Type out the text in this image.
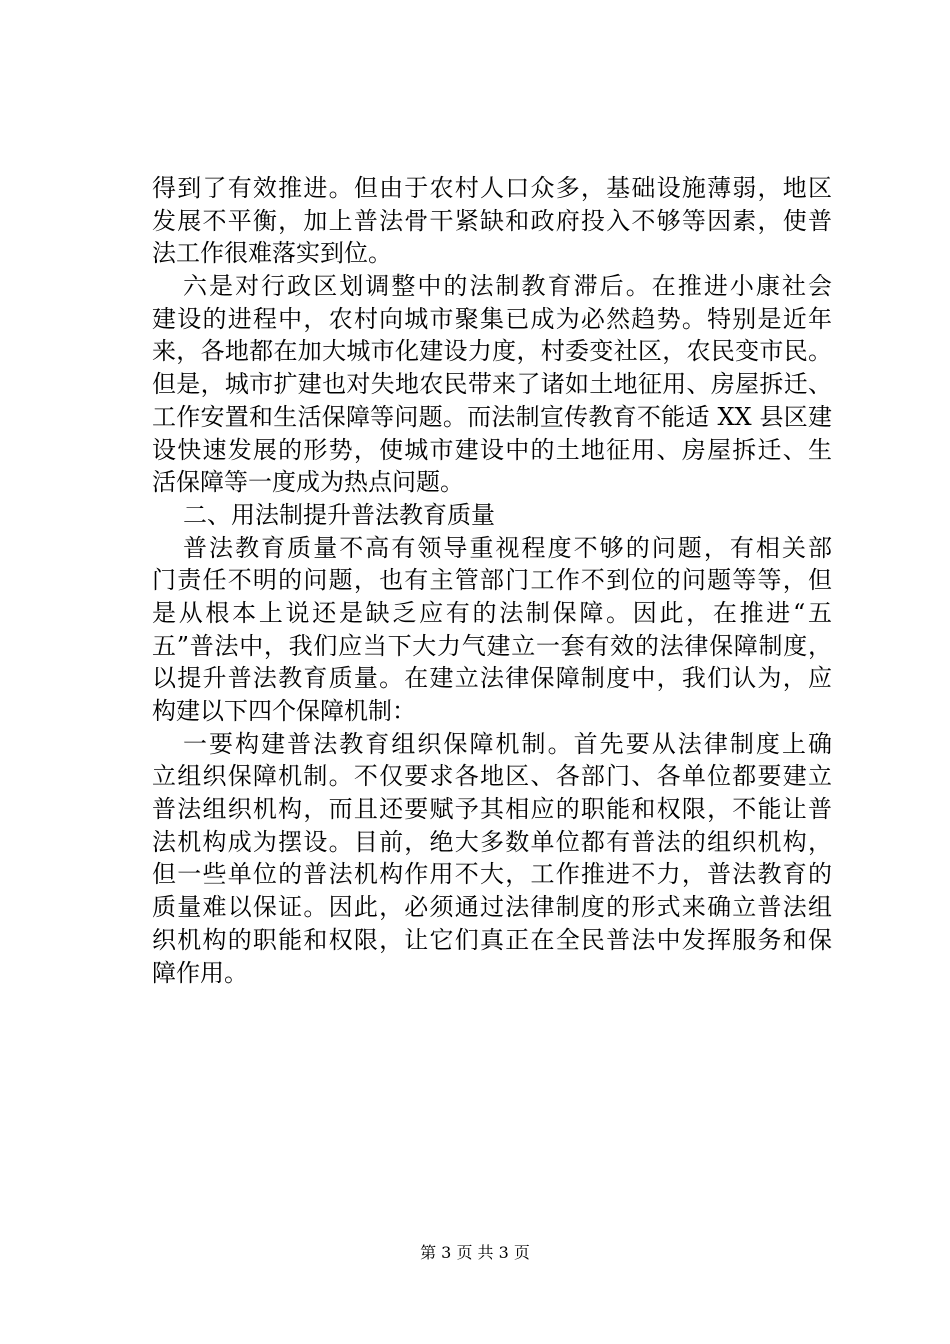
得到了有效推进。但由于农村人口众多，基础设施薄弱，地区
发展不平衡，加上普法骨干紧缺和政府投入不够等因素，使普
法工作很难落实到位。
六是对行政区划调整中的法制教育滞后。在推进小康社会
建设的进程中，农村向城市聚集已成为必然趋势。特别是近年
来，各地都在加大城市化建设力度，村委变社区，农民变市民。
但是，城市扩建也对失地农民带来了诸如土地征用、房屋拆迁、
工作安置和生活保障等问题。而法制宣传教育不能适 XX 县区建
设快速发展的形势，使城市建设中的土地征用、房屋拆迁、生
活保障等一度成为热点问题。
二、用法制提升普法教育质量
普法教育质量不高有领导重视程度不够的问题，有相关部
门责任不明的问题，也有主管部门工作不到位的问题等等，但
是从根本上说还是缺乏应有的法制保障。因此，在推进“五
五”普法中，我们应当下大力气建立一套有效的法律保障制度，
以提升普法教育质量。在建立法律保障制度中，我们认为，应
构建以下四个保障机制：
一要构建普法教育组织保障机制。首先要从法律制度上确
立组织保障机制。不仅要求各地区、各部门、各单位都要建立
普法组织机构，而且还要赋予其相应的职能和权限，不能让普
法机构成为摆设。目前，绝大多数单位都有普法的组织机构，
但一些单位的普法机构作用不大，工作推进不力，普法教育的
质量难以保证。因此，必须通过法律制度的形式来确立普法组
织机构的职能和权限，让它们真正在全民普法中发挥服务和保
障作用。
第 3 页 共 3 页
